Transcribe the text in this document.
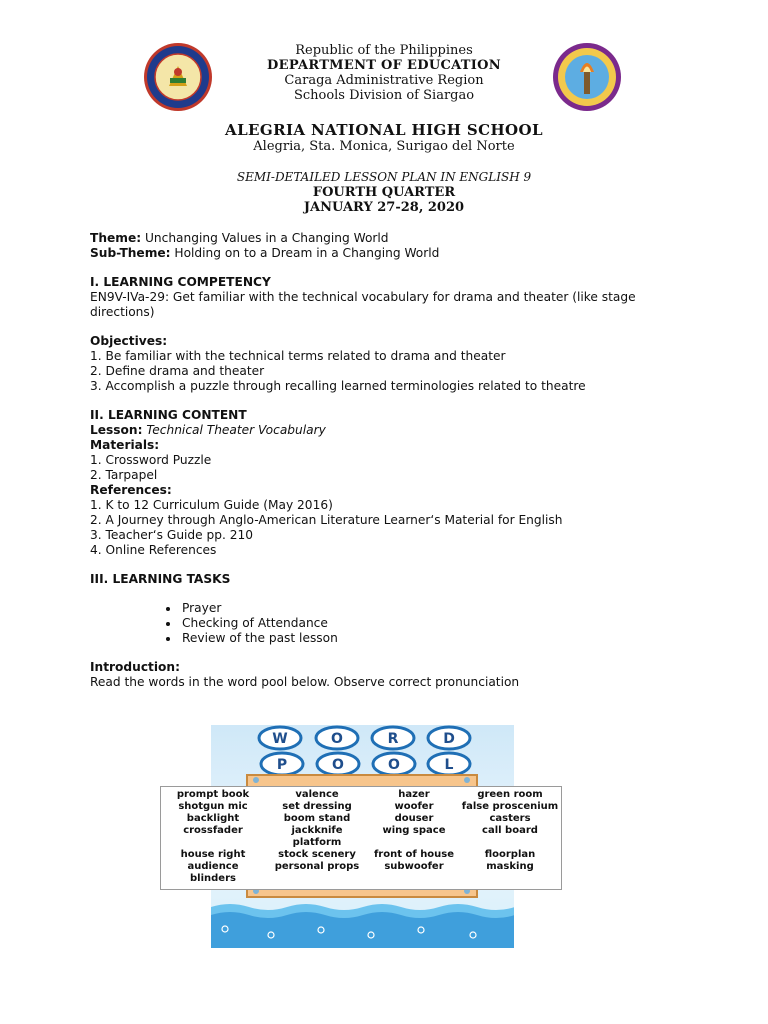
Republic of the Philippines
DEPARTMENT OF EDUCATION
Caraga Administrative Region
Schools Division of Siargao
ALEGRIA NATIONAL HIGH SCHOOL
Alegria, Sta. Monica, Surigao del Norte
SEMI-DETAILED LESSON PLAN IN ENGLISH 9
FOURTH QUARTER
JANUARY 27-28, 2020

Theme: Unchanging Values in a Changing World

Sub-Theme: Holding on to a Dream in a Changing World

I. LEARNING COMPETENCY

EN9V-IVa-29: Get familiar with the technical vocabulary for drama and theater (like stage directions)

Objectives:

1. Be familiar with the technical terms related to drama and theater

2. Define drama and theater

3. Accomplish a puzzle through recalling learned terminologies related to theatre

II. LEARNING CONTENT

Lesson: Technical Theater Vocabulary

Materials:

1. Crossword Puzzle

2. Tarpapel

References:

1. K to 12 Curriculum Guide (May 2016)

2. A Journey through Anglo-American Literature Learner‘s Material for English

3. Teacher‘s Guide pp. 210

4. Online References

III. LEARNING TASKS

• Prayer
• Checking of Attendance
• Review of the past lesson

Introduction:

Read the words in the word pool below. Observe correct pronunciation

W	O	R	D
P	O	O	L
prompt book	valence	hazer	green room
shotgun mic	set dressing	woofer	false proscenium
backlight	boom stand	douser	casters
crossfader	jackknife	wing space	call board
	platform		
house right	stock scenery	front of house	floorplan
audience	personal props	subwoofer	masking
blinders			
